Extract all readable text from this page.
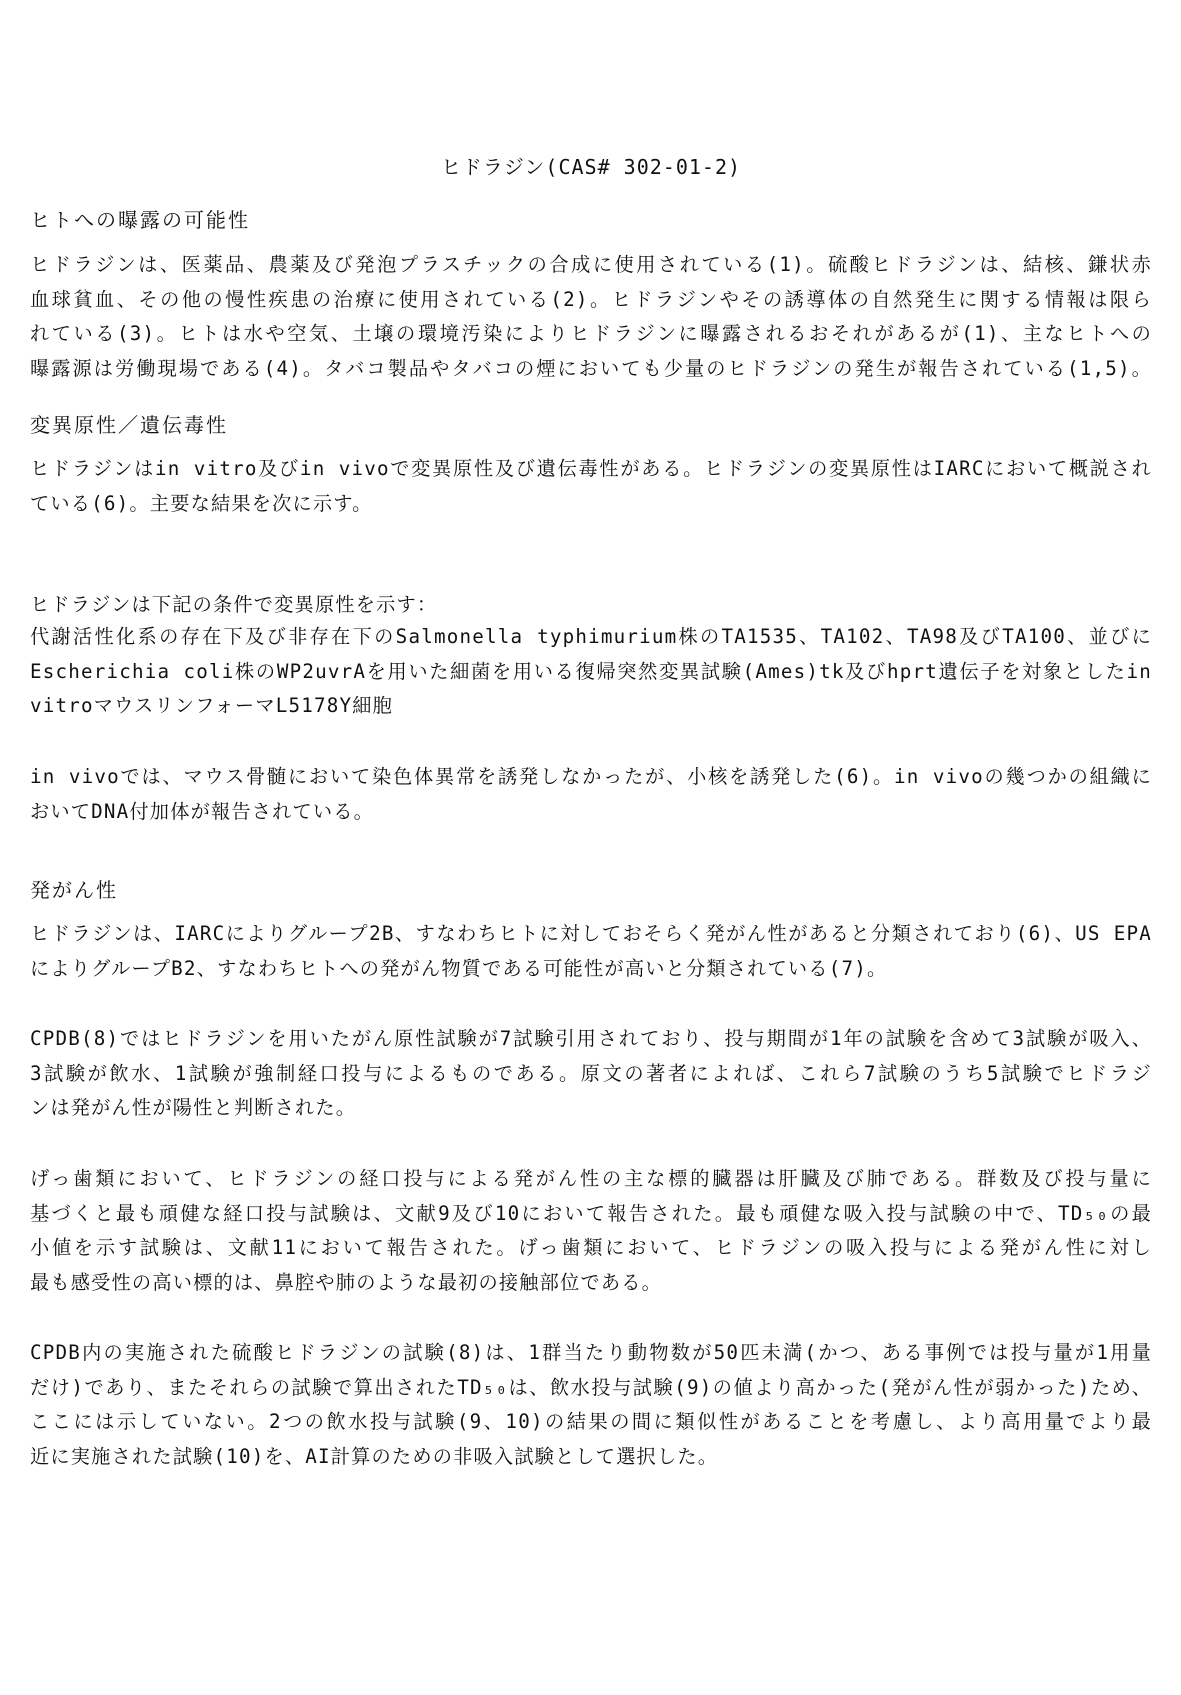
ヒドラジン(CAS# 302-01-2)
ヒトへの曝露の可能性
ヒドラジンは、医薬品、農薬及び発泡プラスチックの合成に使用されている(1)。硫酸ヒドラジンは、結核、鎌状赤
血球貧血、その他の慢性疾患の治療に使用されている(2)。ヒドラジンやその誘導体の自然発生に関する情報は限ら
れている(3)。ヒトは水や空気、土壌の環境汚染によりヒドラジンに曝露されるおそれがあるが(1)、主なヒトへの
曝露源は労働現場である(4)。タバコ製品やタバコの煙においても少量のヒドラジンの発生が報告されている(1,5)。
変異原性／遺伝毒性
ヒドラジンはin vitro及びin vivoで変異原性及び遺伝毒性がある。ヒドラジンの変異原性はIARCにおいて概説され
ている(6)。主要な結果を次に示す。
ヒドラジンは下記の条件で変異原性を示す：
代謝活性化系の存在下及び非存在下のSalmonella typhimurium株のTA1535、TA102、TA98及びTA100、並びに
Escherichia coli株のWP2uvrAを用いた細菌を用いる復帰突然変異試験(Ames)tk及びhprt遺伝子を対象としたin
vitroマウスリンフォーマL5178Y細胞
in vivoでは、マウス骨髄において染色体異常を誘発しなかったが、小核を誘発した(6)。in vivoの幾つかの組織に
おいてDNA付加体が報告されている。
発がん性
ヒドラジンは、IARCによりグループ2B、すなわちヒトに対しておそらく発がん性があると分類されており(6)、US EPA
によりグループB2、すなわちヒトへの発がん物質である可能性が高いと分類されている(7)。
CPDB(8)ではヒドラジンを用いたがん原性試験が7試験引用されており、投与期間が1年の試験を含めて3試験が吸入、
3試験が飲水、1試験が強制経口投与によるものである。原文の著者によれば、これら7試験のうち5試験でヒドラジ
ンは発がん性が陽性と判断された。
げっ歯類において、ヒドラジンの経口投与による発がん性の主な標的臓器は肝臓及び肺である。群数及び投与量に
基づくと最も頑健な経口投与試験は、文献9及び10において報告された。最も頑健な吸入投与試験の中で、TD₅₀の最
小値を示す試験は、文献11において報告された。げっ歯類において、ヒドラジンの吸入投与による発がん性に対し
最も感受性の高い標的は、鼻腔や肺のような最初の接触部位である。
CPDB内の実施された硫酸ヒドラジンの試験(8)は、1群当たり動物数が50匹未満(かつ、ある事例では投与量が1用量
だけ)であり、またそれらの試験で算出されたTD₅₀は、飲水投与試験(9)の値より高かった(発がん性が弱かった)ため、
ここには示していない。2つの飲水投与試験(9、10)の結果の間に類似性があることを考慮し、より高用量でより最
近に実施された試験(10)を、AI計算のための非吸入試験として選択した。
